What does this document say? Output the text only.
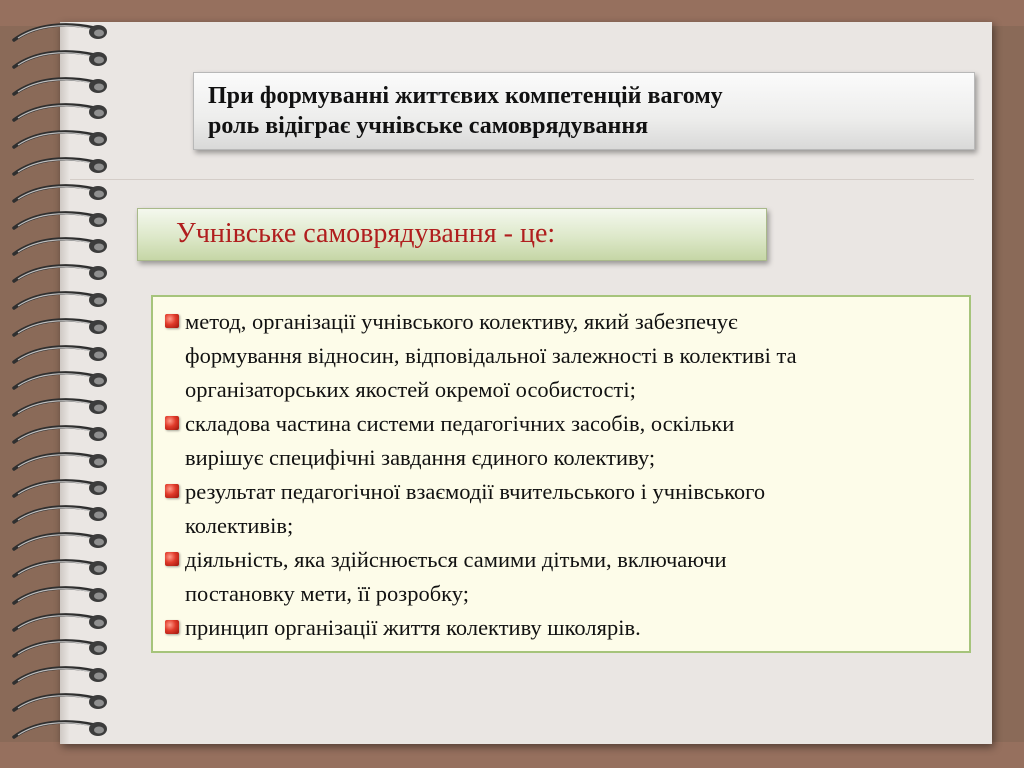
При формуванні життєвих компетенцій вагому
роль відіграє учнівське самоврядування
Учнівське самоврядування - це:
метод, організації учнівського колективу, який забезпечує
формування відносин, відповідальної залежності в колективі та
організаторських якостей окремої особистості;
складова частина системи педагогічних засобів, оскільки
вирішує специфічні завдання єдиного колективу;
результат педагогічної взаємодії вчительського і учнівського
колективів;
діяльність, яка здійснюється самими дітьми, включаючи
постановку мети, її розробку;
принцип організації життя колективу школярів.
